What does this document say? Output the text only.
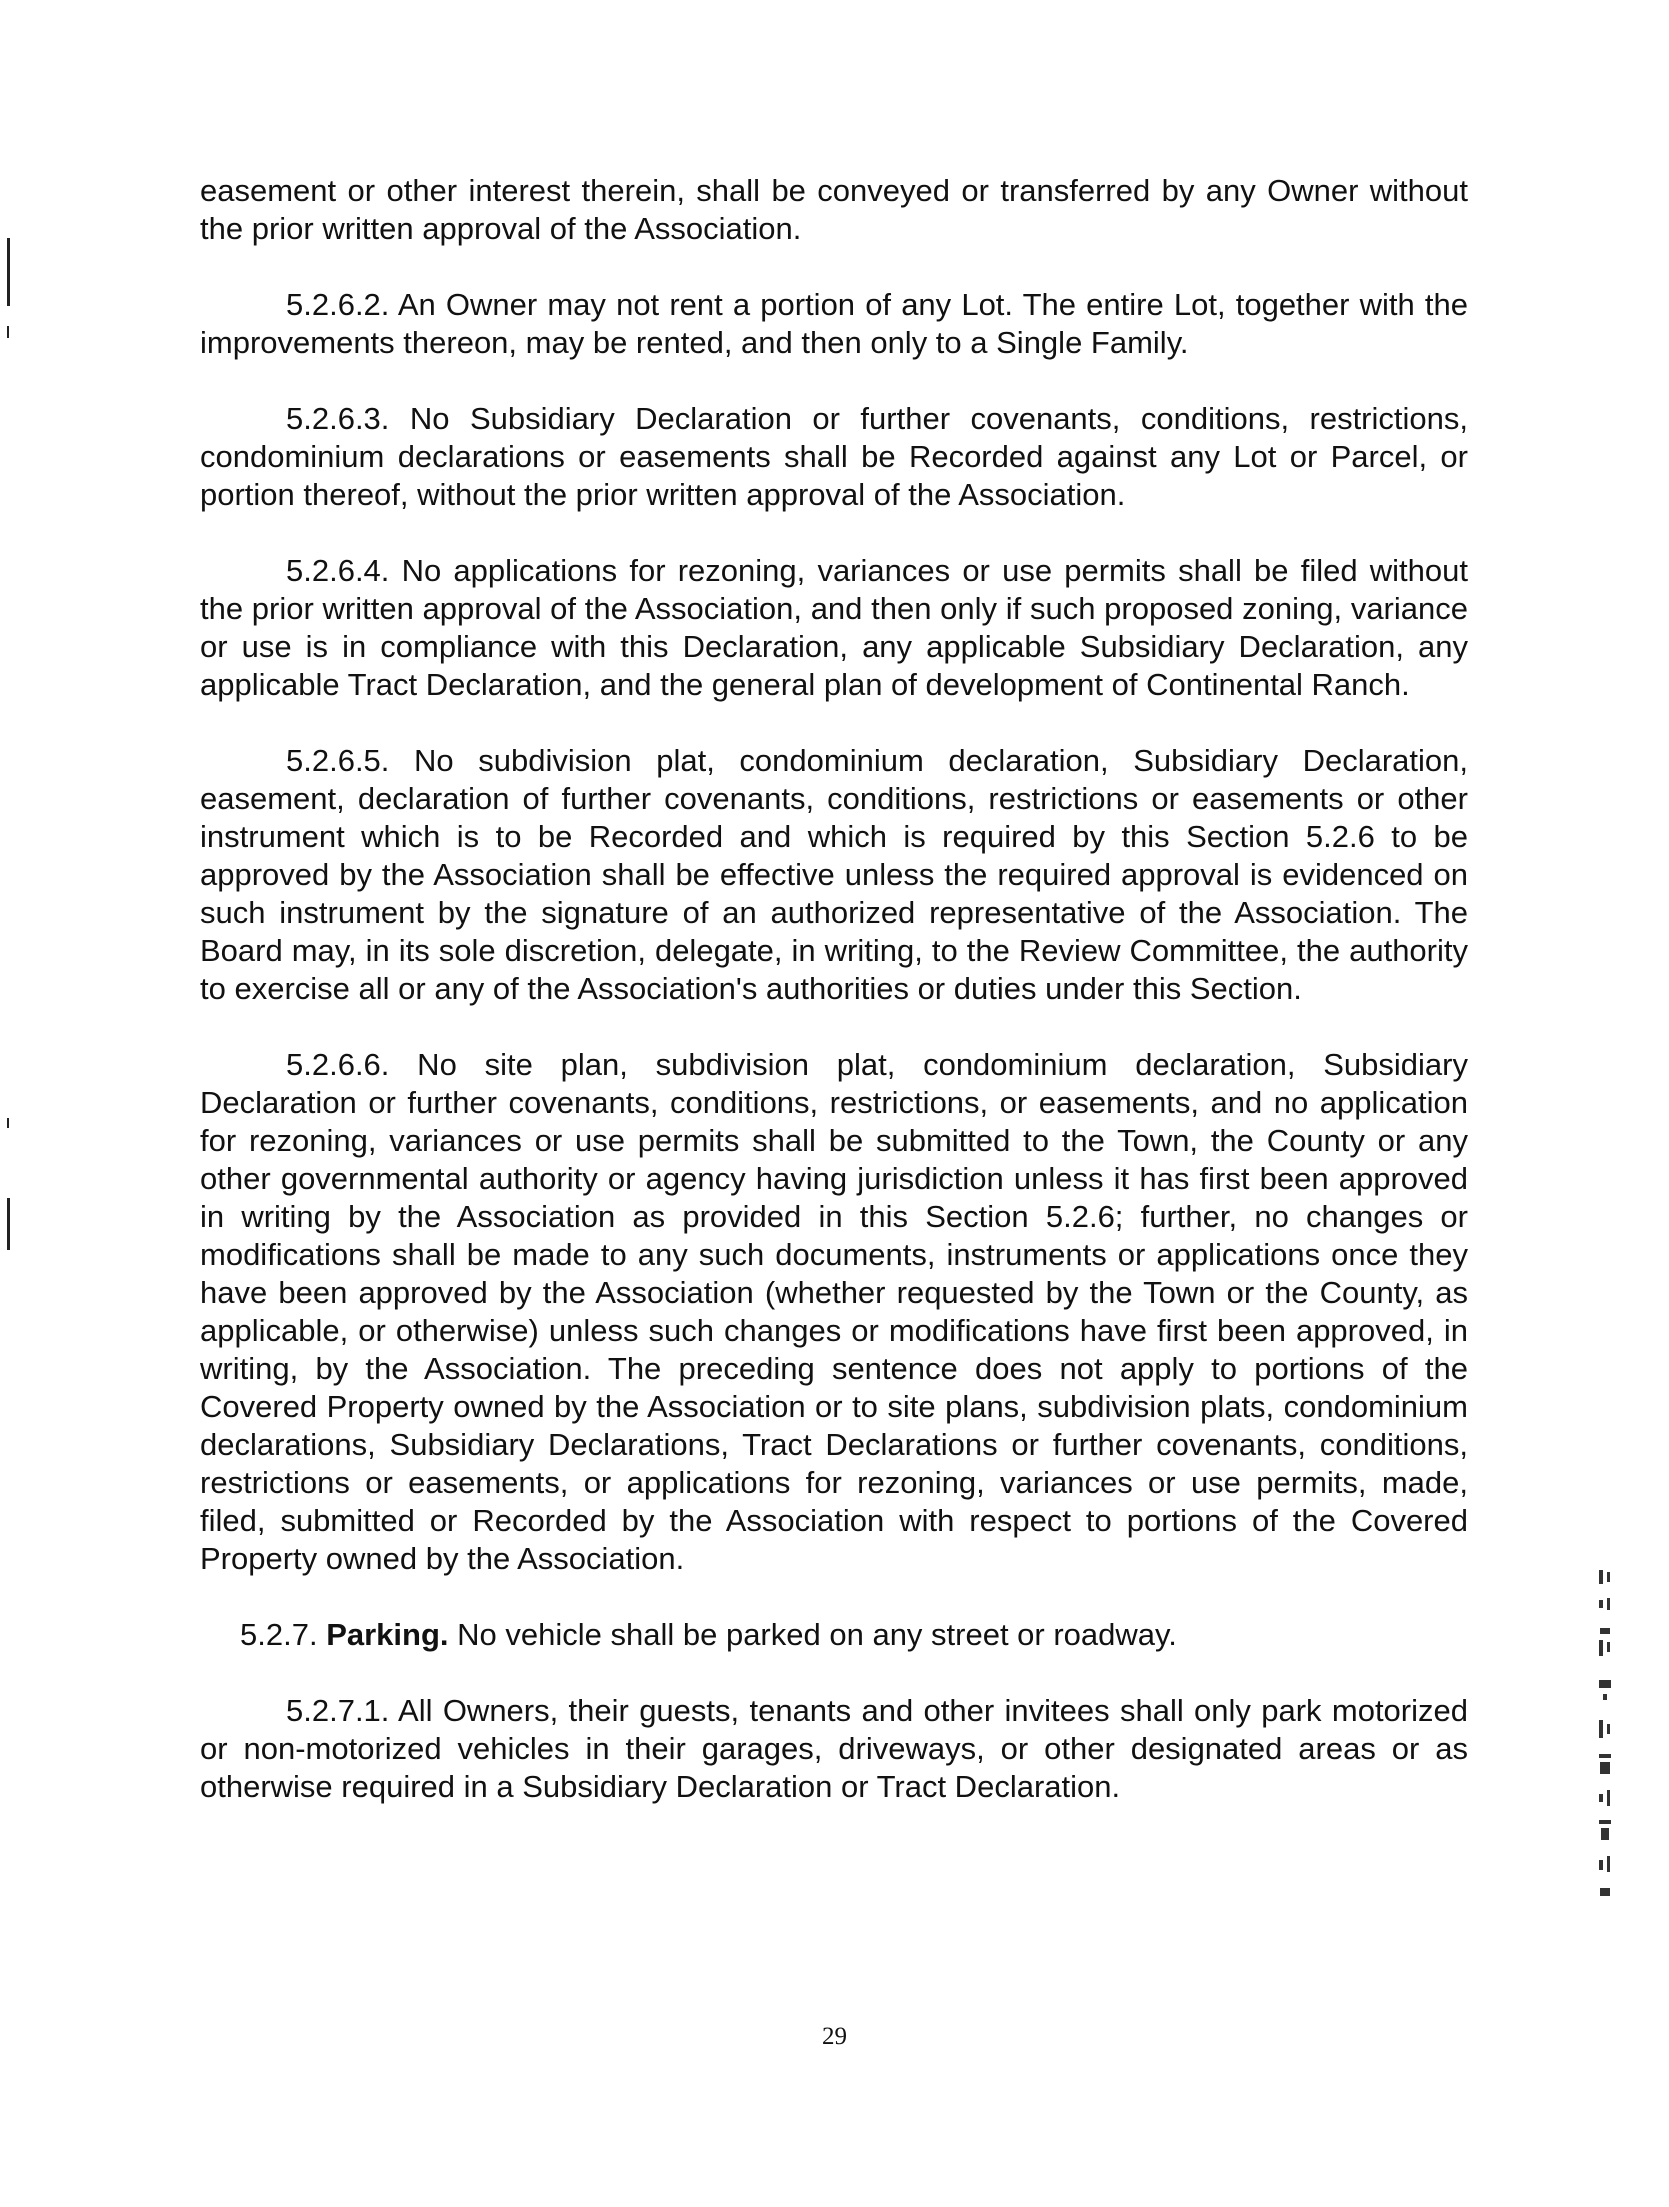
easement or other interest therein, shall be conveyed or transferred by any Owner without the prior written approval of the Association.

5.2.6.2. An Owner may not rent a portion of any Lot. The entire Lot, together with the improvements thereon, may be rented, and then only to a Single Family.

5.2.6.3. No Subsidiary Declaration or further covenants, conditions, restrictions, condominium declarations or easements shall be Recorded against any Lot or Parcel, or portion thereof, without the prior written approval of the Association.

5.2.6.4. No applications for rezoning, variances or use permits shall be filed without the prior written approval of the Association, and then only if such proposed zoning, variance or use is in compliance with this Declaration, any applicable Subsidiary Declaration, any applicable Tract Declaration, and the general plan of development of Continental Ranch.

5.2.6.5. No subdivision plat, condominium declaration, Subsidiary Declaration, easement, declaration of further covenants, conditions, restrictions or easements or other instrument which is to be Recorded and which is required by this Section 5.2.6 to be approved by the Association shall be effective unless the required approval is evidenced on such instrument by the signature of an authorized representative of the Association. The Board may, in its sole discretion, delegate, in writing, to the Review Committee, the authority to exercise all or any of the Association's authorities or duties under this Section.

5.2.6.6. No site plan, subdivision plat, condominium declaration, Subsidiary Declaration or further covenants, conditions, restrictions, or easements, and no application for rezoning, variances or use permits shall be submitted to the Town, the County or any other governmental authority or agency having jurisdiction unless it has first been approved in writing by the Association as provided in this Section 5.2.6; further, no changes or modifications shall be made to any such documents, instruments or applications once they have been approved by the Association (whether requested by the Town or the County, as applicable, or otherwise) unless such changes or modifications have first been approved, in writing, by the Association. The preceding sentence does not apply to portions of the Covered Property owned by the Association or to site plans, subdivision plats, condominium declarations, Subsidiary Declarations, Tract Declarations or further covenants, conditions, restrictions or easements, or applications for rezoning, variances or use permits, made, filed, submitted or Recorded by the Association with respect to portions of the Covered Property owned by the Association.

5.2.7. Parking. No vehicle shall be parked on any street or roadway.

5.2.7.1. All Owners, their guests, tenants and other invitees shall only park motorized or non-motorized vehicles in their garages, driveways, or other designated areas or as otherwise required in a Subsidiary Declaration or Tract Declaration.

29
